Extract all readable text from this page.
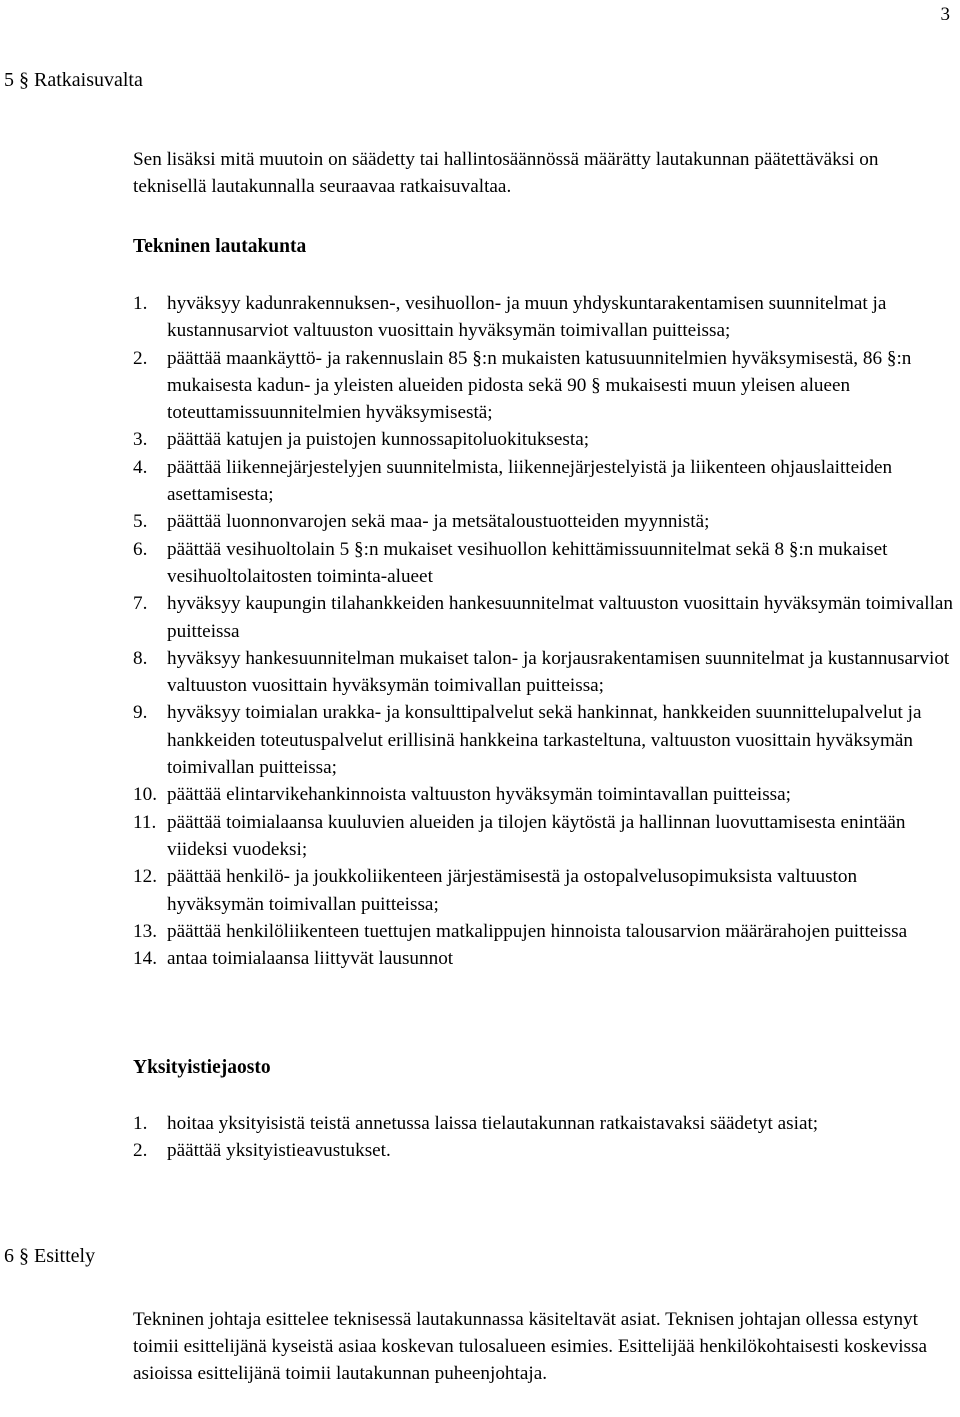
3
5 § Ratkaisuvalta

Sen lisäksi mitä muutoin on säädetty tai hallintosäännössä määrätty lautakunnan päätettäväksi on teknisellä lautakunnalla seuraavaa ratkaisuvaltaa.

Tekninen lautakunta
1. hyväksyy kadunrakennuksen-, vesihuollon- ja muun yhdyskuntarakentamisen suunnitelmat ja kustannusarviot valtuuston vuosittain hyväksymän toimivallan puitteissa;
2. päättää maankäyttö- ja rakennuslain 85 §:n mukaisten katusuunnitelmien hyväksymisestä, 86 §:n mukaisesta kadun- ja yleisten alueiden pidosta sekä 90 § mukaisesti muun yleisen alueen toteuttamissuunnitelmien hyväksymisestä;
3. päättää katujen ja puistojen kunnossapitoluokituksesta;
4. päättää liikennejärjestelyjen suunnitelmista, liikennejärjestelyistä ja liikenteen ohjauslaitteiden asettamisesta;
5. päättää luonnonvarojen sekä maa- ja metsätaloustuotteiden myynnistä;
6. päättää vesihuoltolain 5 §:n mukaiset vesihuollon kehittämissuunnitelmat sekä 8 §:n mukaiset vesihuoltolaitosten toiminta-alueet
7. hyväksyy kaupungin tilahankkeiden hankesuunnitelmat valtuuston vuosittain hyväksymän toimivallan puitteissa
8. hyväksyy hankesuunnitelman mukaiset talon- ja korjausrakentamisen suunnitelmat ja kustannusarviot valtuuston vuosittain hyväksymän toimivallan puitteissa;
9. hyväksyy toimialan urakka- ja konsulttipalvelut sekä hankinnat, hankkeiden suunnittelupalvelut ja hankkeiden toteutuspalvelut erillisinä hankkeina tarkasteltuna, valtuuston vuosittain hyväksymän toimivallan puitteissa;
10. päättää elintarvikehankinnoista valtuuston hyväksymän toimintavallan puitteissa;
11. päättää toimialaansa kuuluvien alueiden ja tilojen käytöstä ja hallinnan luovuttamisesta enintään viideksi vuodeksi;
12. päättää henkilö- ja joukkoliikenteen järjestämisestä ja ostopalvelusopimuksista valtuuston hyväksymän toimivallan puitteissa;
13. päättää henkilöliikenteen tuettujen matkalippujen hinnoista talousarvion määrärahojen puitteissa
14. antaa toimialaansa liittyvät lausunnot
Yksityistiejaosto
1. hoitaa yksityisistä teistä annetussa laissa tielautakunnan ratkaistavaksi säädetyt asiat;
2. päättää yksityistieavustukset.
6 § Esittely

Tekninen johtaja esittelee teknisessä lautakunnassa käsiteltavät asiat. Teknisen johtajan ollessa estynyt toimii esittelijänä kyseistä asiaa koskevan tulosalueen esimies. Esittelijää henkilökohtaisesti koskevissa asioissa esittelijänä toimii lautakunnan puheenjohtaja.
